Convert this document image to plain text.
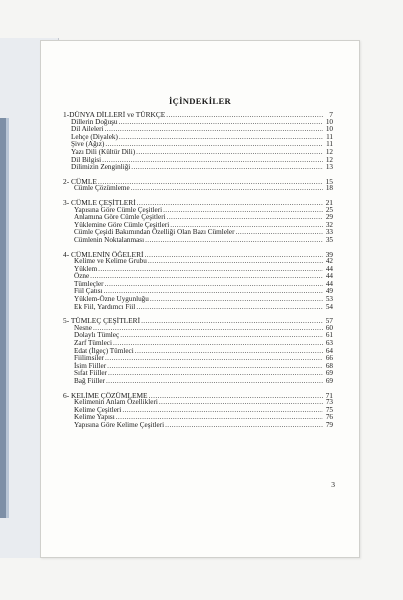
İÇİNDEKİLER
1-DÜNYA DİLLERİ ve TÜRKÇE .....	7
Dillerin Doğuşu .....	10
Dil Aileleri .....	10
Lehçe (Diyalek) .....	11
Şive (Ağız) .....	11
Yazı Dili (Kültür Dili) .....	12
Dil Bilgisi .....	12
Dilimizin Zenginliği .....	13
2- CÜMLE .....	15
Cümle Çözümleme .....	18
3- CÜMLE ÇEŞİTLERİ .....	21
Yapısına Göre Cümle Çeşitleri .....	25
Anlamına Göre Cümle Çeşitleri .....	29
Yüklemine Göre Cümle Çeşitleri .....	32
Cümle Çeşidi Bakımından Özelliği Olan Bazı Cümleler .....	33
Cümlenin Noktalanması .....	35
4- CÜMLENİN ÖĞELERİ .....	39
Kelime ve Kelime Grubu .....	42
Yüklem .....	44
Özne .....	44
Tümleçler .....	44
Fiil Çatısı .....	49
Yüklem-Özne Uygunluğu .....	53
Ek Fiil, Yardımcı Fiil .....	54
5- TÜMLEÇ ÇEŞİTLERİ .....	57
Nesne .....	60
Dolaylı Tümleç .....	61
Zarf Tümleci .....	63
Edat (İlgeç) Tümleci .....	64
Fiilimsiler .....	66
İsim Fiiller .....	68
Sıfat Fiiller .....	69
Bağ Fiiller .....	69
6- KELİME ÇÖZÜMLEME .....	71
Kelimenin Anlam Özellikleri .....	73
Kelime Çeşitleri .....	75
Kelime Yapısı .....	76
Yapısına Göre Kelime Çeşitleri .....	79
3
